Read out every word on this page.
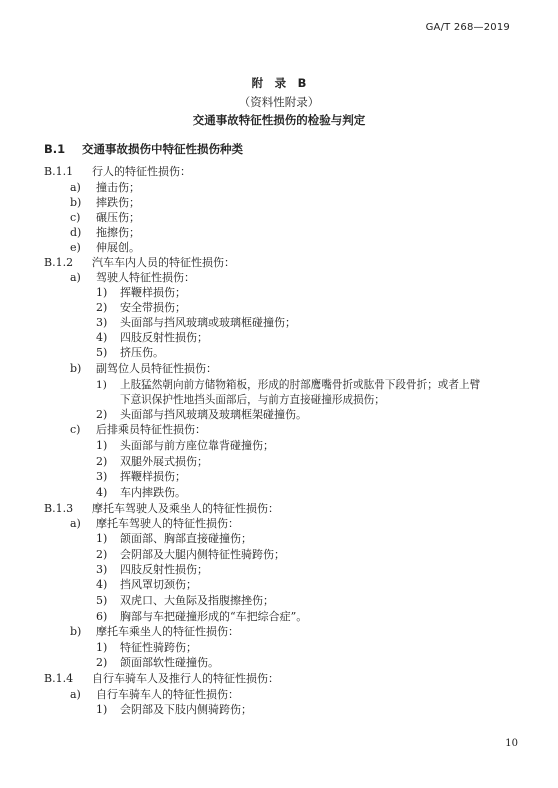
GA/T 268—2019
附　录　B
（资料性附录）
交通事故特征性损伤的检验与判定
B.1 交通事故损伤中特征性损伤种类
B.1.1 行人的特征性损伤：
a) 撞击伤；
b) 摔跌伤；
c) 碾压伤；
d) 拖擦伤；
e) 伸展创。
B.1.2 汽车车内人员的特征性损伤：
a) 驾驶人特征性损伤：
1) 挥鞭样损伤；
2) 安全带损伤；
3) 头面部与挡风玻璃或玻璃框碰撞伤；
4) 四肢反射性损伤；
5) 挤压伤。
b) 副驾位人员特征性损伤：
1) 上肢猛然朝向前方储物箱板，形成的肘部鹰嘴骨折或肱骨下段骨折；或者上臂
下意识保护性地挡头面部后，与前方直接碰撞形成损伤；
2) 头面部与挡风玻璃及玻璃框架碰撞伤。
c) 后排乘员特征性损伤：
1) 头面部与前方座位靠背碰撞伤；
2) 双腿外展式损伤；
3) 挥鞭样损伤；
4) 车内摔跌伤。
B.1.3 摩托车驾驶人及乘坐人的特征性损伤：
a) 摩托车驾驶人的特征性损伤：
1) 颌面部、胸部直接碰撞伤；
2) 会阴部及大腿内侧特征性骑跨伤；
3) 四肢反射性损伤；
4) 挡风罩切颈伤；
5) 双虎口、大鱼际及指腹擦挫伤；
6) 胸部与车把碰撞形成的“车把综合症”。
b) 摩托车乘坐人的特征性损伤：
1) 特征性骑跨伤；
2) 颌面部软性碰撞伤。
B.1.4 自行车骑车人及推行人的特征性损伤：
a) 自行车骑车人的特征性损伤：
1) 会阴部及下肢内侧骑跨伤；
10
